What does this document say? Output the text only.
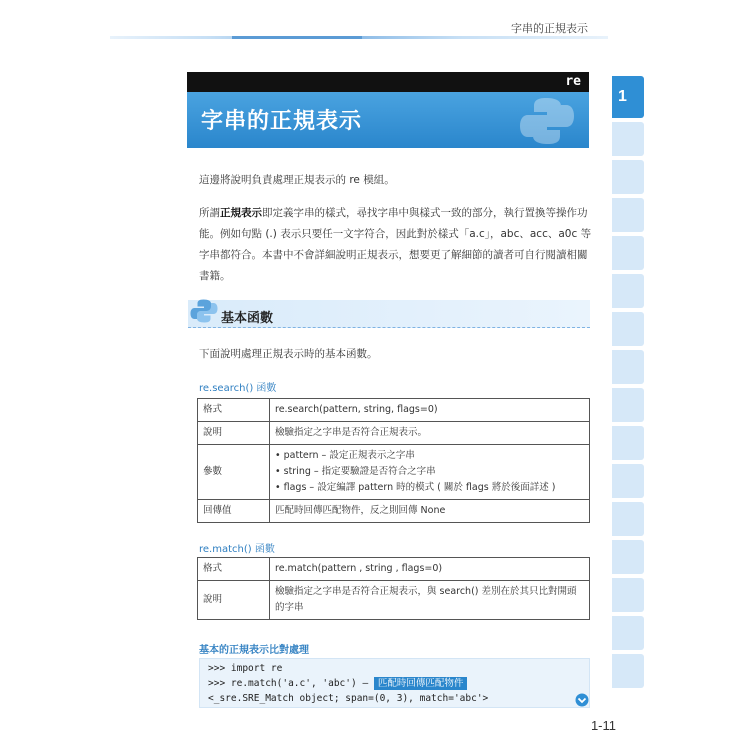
字串的正規表示
1
re
字串的正規表示

這邊將說明負責處理正規表示的 re 模組。

所謂正規表示即定義字串的樣式，尋找字串中與樣式一致的部分，執行置換等操作功能。例如句點 (.) 表示只要任一文字符合，因此對於樣式「a.c」，abc、acc、a0c 等字串都符合。本書中不會詳細說明正規表示，想要更了解細節的讀者可自行閱讀相關書籍。

基本函數

下面說明處理正規表示時的基本函數。

re.search() 函數
格式	re.search(pattern, string, flags=0)
說明	檢驗指定之字串是否符合正規表示。
參數	• pattern – 設定正規表示之字串
• string – 指定要驗證是否符合之字串
• flags – 設定編譯 pattern 時的模式 ( 關於 flags 將於後面詳述 )

回傳值	匹配時回傳匹配物件，反之則回傳 None
re.match() 函數
格式	re.match(pattern , string , flags=0)
說明	檢驗指定之字串是否符合正規表示，與 search() 差別在於其只比對開頭的字串
基本的正規表示比對處理
>>> import re
>>> re.match('a.c', 'abc') — 匹配時回傳匹配物件
<_sre.SRE_Match object; span=(0, 3), match='abc'>
1-11
